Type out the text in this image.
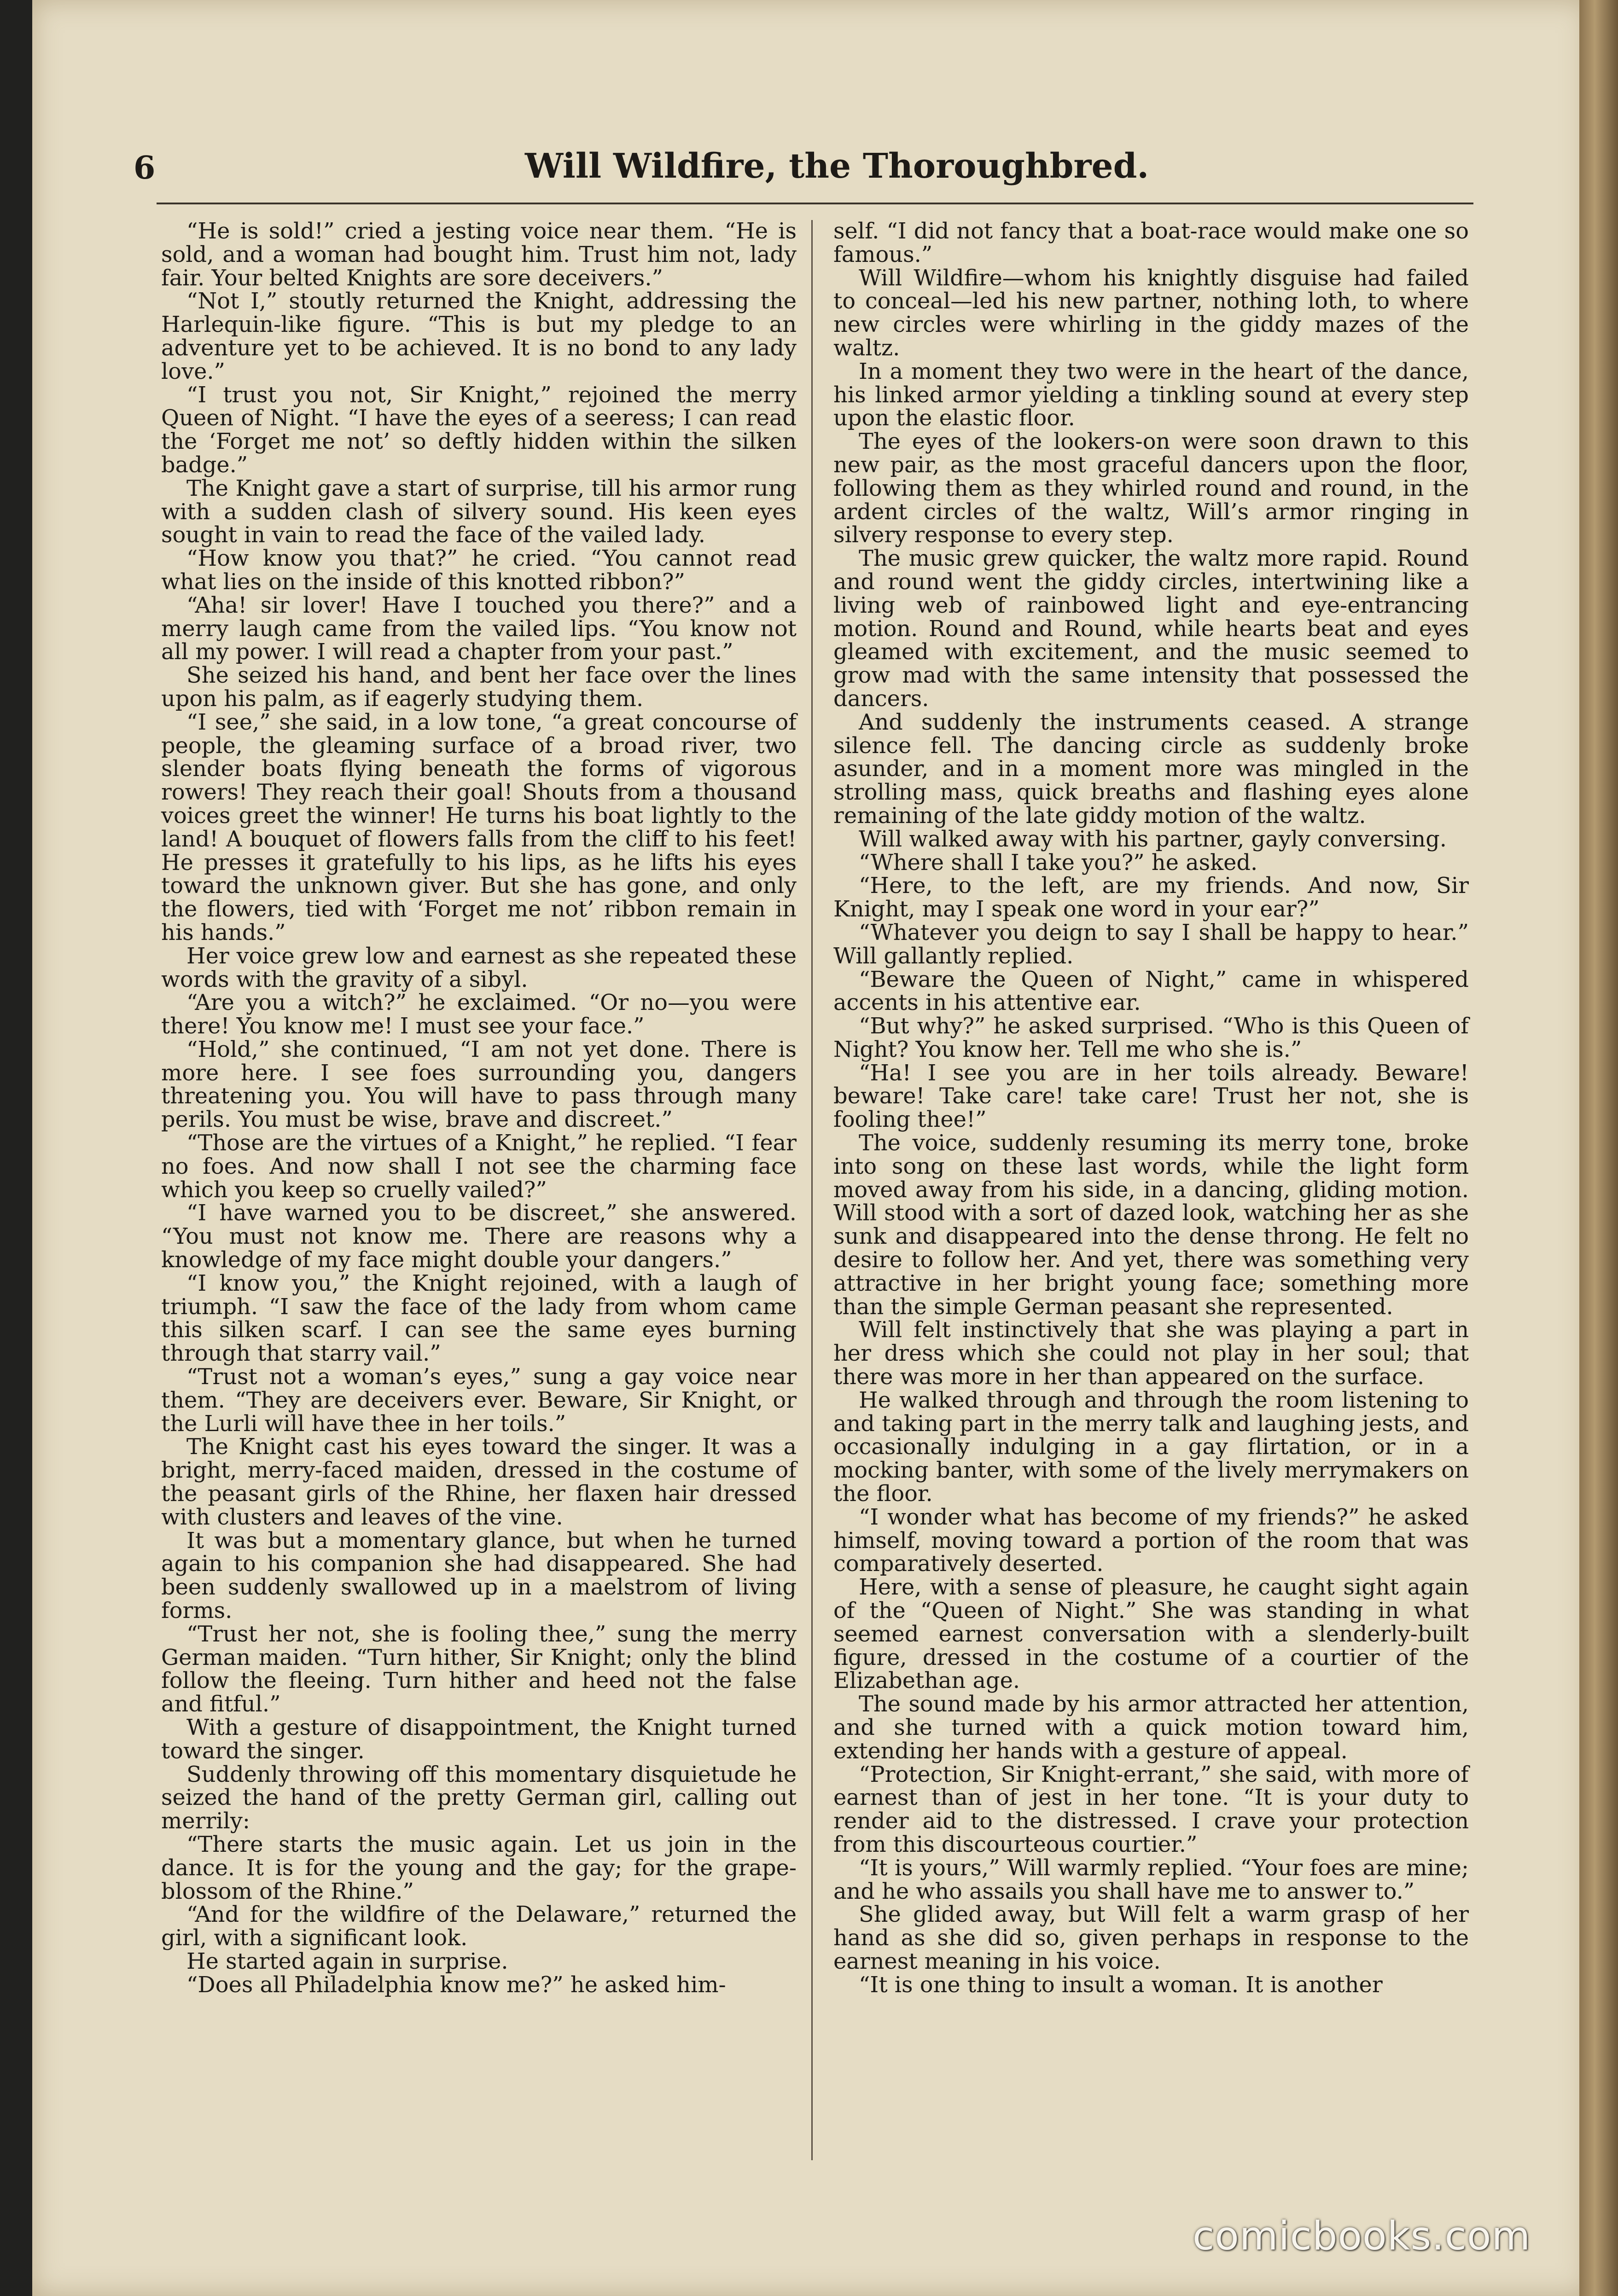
6	Will Wildfire, the Thoroughbred.

“He is sold!” cried a jesting voice near them. “He is sold, and a woman had bought him. Trust him not, lady fair. Your belted Knights are sore deceivers.”

“Not I,” stoutly returned the Knight, addressing the Harlequin-like figure. “This is but my pledge to an adventure yet to be achieved. It is no bond to any lady love.”

“I trust you not, Sir Knight,” rejoined the merry Queen of Night. “I have the eyes of a seeress; I can read the ‘Forget me not’ so deftly hidden within the silken badge.”

The Knight gave a start of surprise, till his armor rung with a sudden clash of silvery sound. His keen eyes sought in vain to read the face of the vailed lady.

“How know you that?” he cried. “You cannot read what lies on the inside of this knotted ribbon?”

“Aha! sir lover! Have I touched you there?” and a merry laugh came from the vailed lips. “You know not all my power. I will read a chapter from your past.”

She seized his hand, and bent her face over the lines upon his palm, as if eagerly studying them.

“I see,” she said, in a low tone, “a great concourse of people, the gleaming surface of a broad river, two slender boats flying beneath the forms of vigorous rowers! They reach their goal! Shouts from a thousand voices greet the winner! He turns his boat lightly to the land! A bouquet of flowers falls from the cliff to his feet! He presses it gratefully to his lips, as he lifts his eyes toward the unknown giver. But she has gone, and only the flowers, tied with ‘Forget me not’ ribbon remain in his hands.”

Her voice grew low and earnest as she repeated these words with the gravity of a sibyl.

“Are you a witch?” he exclaimed. “Or no—you were there! You know me! I must see your face.”

“Hold,” she continued, “I am not yet done. There is more here. I see foes surrounding you, dangers threatening you. You will have to pass through many perils. You must be wise, brave and discreet.”

“Those are the virtues of a Knight,” he replied. “I fear no foes. And now shall I not see the charming face which you keep so cruelly vailed?”

“I have warned you to be discreet,” she answered. “You must not know me. There are reasons why a knowledge of my face might double your dangers.”

“I know you,” the Knight rejoined, with a laugh of triumph. “I saw the face of the lady from whom came this silken scarf. I can see the same eyes burning through that starry vail.”

“Trust not a woman’s eyes,” sung a gay voice near them. “They are deceivers ever. Beware, Sir Knight, or the Lurli will have thee in her toils.”

The Knight cast his eyes toward the singer. It was a bright, merry-faced maiden, dressed in the costume of the peasant girls of the Rhine, her flaxen hair dressed with clusters and leaves of the vine.

It was but a momentary glance, but when he turned again to his companion she had disappeared. She had been suddenly swallowed up in a maelstrom of living forms.

“Trust her not, she is fooling thee,” sung the merry German maiden. “Turn hither, Sir Knight; only the blind follow the fleeing. Turn hither and heed not the false and fitful.”

With a gesture of disappointment, the Knight turned toward the singer.

Suddenly throwing off this momentary disquietude he seized the hand of the pretty German girl, calling out merrily:

“There starts the music again. Let us join in the dance. It is for the young and the gay; for the grape-blossom of the Rhine.”

“And for the wildfire of the Delaware,” returned the girl, with a significant look.

He started again in surprise.

“Does all Philadelphia know me?” he asked him-

self. “I did not fancy that a boat-race would make one so famous.”

Will Wildfire—whom his knightly disguise had failed to conceal—led his new partner, nothing loth, to where new circles were whirling in the giddy mazes of the waltz.

In a moment they two were in the heart of the dance, his linked armor yielding a tinkling sound at every step upon the elastic floor.

The eyes of the lookers-on were soon drawn to this new pair, as the most graceful dancers upon the floor, following them as they whirled round and round, in the ardent circles of the waltz, Will’s armor ringing in silvery response to every step.

The music grew quicker, the waltz more rapid. Round and round went the giddy circles, intertwining like a living web of rainbowed light and eye-entrancing motion. Round and Round, while hearts beat and eyes gleamed with excitement, and the music seemed to grow mad with the same intensity that possessed the dancers.

And suddenly the instruments ceased. A strange silence fell. The dancing circle as suddenly broke asunder, and in a moment more was mingled in the strolling mass, quick breaths and flashing eyes alone remaining of the late giddy motion of the waltz.

Will walked away with his partner, gayly conversing.

“Where shall I take you?” he asked.

“Here, to the left, are my friends. And now, Sir Knight, may I speak one word in your ear?”

“Whatever you deign to say I shall be happy to hear.” Will gallantly replied.

“Beware the Queen of Night,” came in whispered accents in his attentive ear.

“But why?” he asked surprised. “Who is this Queen of Night? You know her. Tell me who she is.”

“Ha! I see you are in her toils already. Beware! beware! Take care! take care! Trust her not, she is fooling thee!”

The voice, suddenly resuming its merry tone, broke into song on these last words, while the light form moved away from his side, in a dancing, gliding motion. Will stood with a sort of dazed look, watching her as she sunk and disappeared into the dense throng. He felt no desire to follow her. And yet, there was something very attractive in her bright young face; something more than the simple German peasant she represented.

Will felt instinctively that she was playing a part in her dress which she could not play in her soul; that there was more in her than appeared on the surface.

He walked through and through the room listening to and taking part in the merry talk and laughing jests, and occasionally indulging in a gay flirtation, or in a mocking banter, with some of the lively merrymakers on the floor.

“I wonder what has become of my friends?” he asked himself, moving toward a portion of the room that was comparatively deserted.

Here, with a sense of pleasure, he caught sight again of the “Queen of Night.” She was standing in what seemed earnest conversation with a slenderly-built figure, dressed in the costume of a courtier of the Elizabethan age.

The sound made by his armor attracted her attention, and she turned with a quick motion toward him, extending her hands with a gesture of appeal.

“Protection, Sir Knight-errant,” she said, with more of earnest than of jest in her tone. “It is your duty to render aid to the distressed. I crave your protection from this discourteous courtier.”

“It is yours,” Will warmly replied. “Your foes are mine; and he who assails you shall have me to answer to.”

She glided away, but Will felt a warm grasp of her hand as she did so, given perhaps in response to the earnest meaning in his voice.

“It is one thing to insult a woman. It is another

comicbooks.com
